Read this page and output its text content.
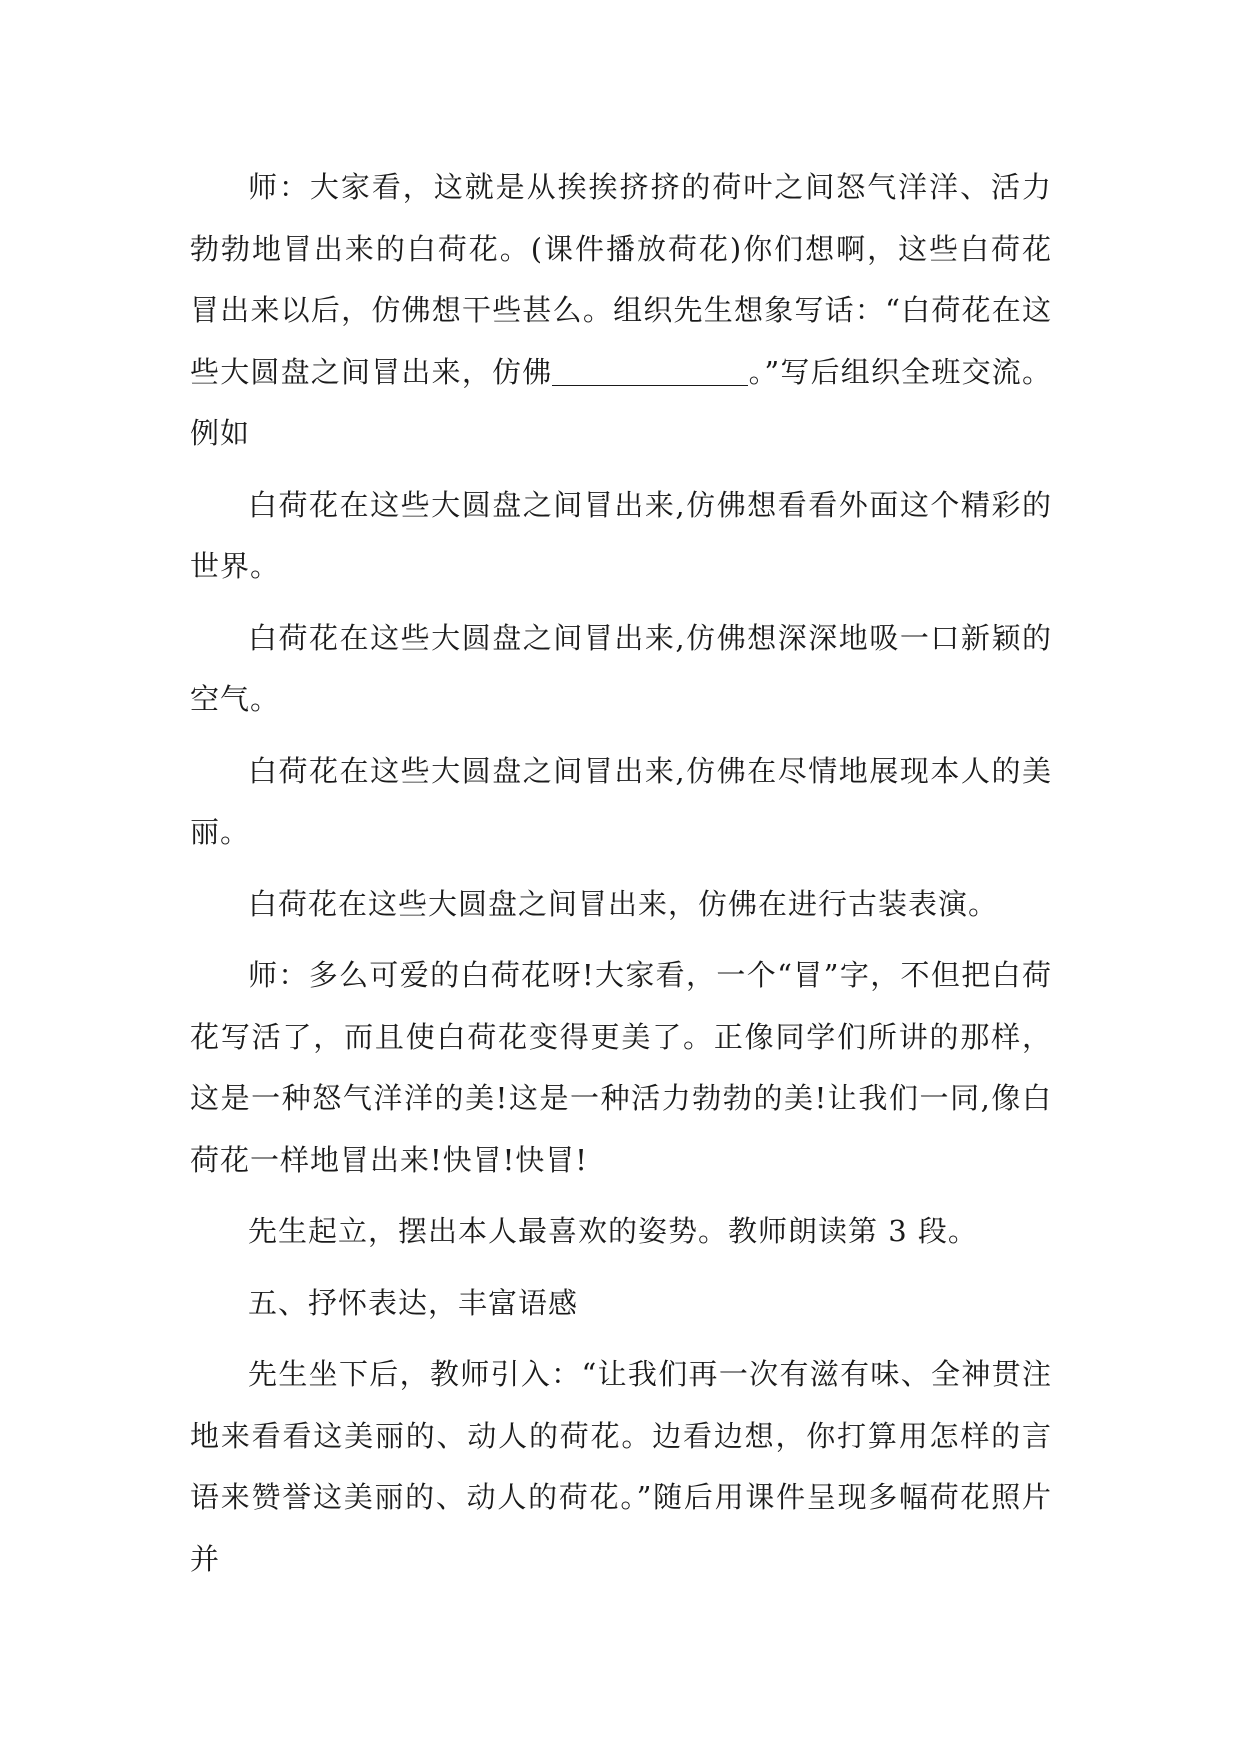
师：大家看，这就是从挨挨挤挤的荷叶之间怒气洋洋、活力勃勃地冒出来的白荷花。(课件播放荷花)你们想啊，这些白荷花冒出来以后，仿佛想干些甚么。组织先生想象写话：“白荷花在这些大圆盘之间冒出来，仿佛	。”写后组织全班交流。例如

白荷花在这些大圆盘之间冒出来,仿佛想看看外面这个精彩的世界。

白荷花在这些大圆盘之间冒出来,仿佛想深深地吸一口新颖的空气。

白荷花在这些大圆盘之间冒出来,仿佛在尽情地展现本人的美丽。

白荷花在这些大圆盘之间冒出来，仿佛在进行古装表演。

师：多么可爱的白荷花呀!大家看，一个“冒”字，不但把白荷花写活了，而且使白荷花变得更美了。正像同学们所讲的那样，这是一种怒气洋洋的美!这是一种活力勃勃的美!让我们一同,像白荷花一样地冒出来!快冒!快冒!

先生起立，摆出本人最喜欢的姿势。教师朗读第 3 段。

五、抒怀表达，丰富语感

先生坐下后，教师引入：“让我们再一次有滋有味、全神贯注地来看看这美丽的、动人的荷花。边看边想，你打算用怎样的言语来赞誉这美丽的、动人的荷花。”随后用课件呈现多幅荷花照片并
